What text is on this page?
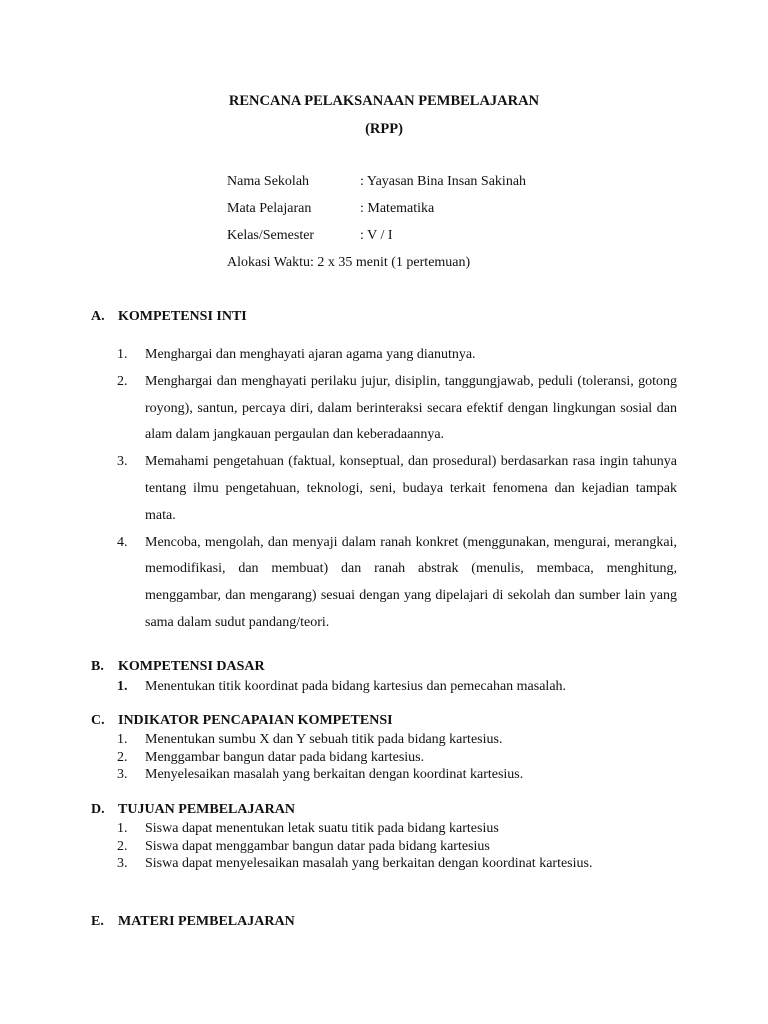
RENCANA PELAKSANAAN PEMBELAJARAN
(RPP)
Nama Sekolah	: Yayasan Bina Insan Sakinah
Mata Pelajaran	: Matematika
Kelas/Semester	: V / I
Alokasi Waktu: 2 x 35 menit (1 pertemuan)
A. KOMPETENSI INTI
1. Menghargai dan menghayati ajaran agama yang dianutnya.
2. Menghargai dan menghayati perilaku jujur, disiplin, tanggungjawab, peduli (toleransi, gotong royong), santun, percaya diri, dalam berinteraksi secara efektif dengan lingkungan sosial dan alam dalam jangkauan pergaulan dan keberadaannya.
3. Memahami pengetahuan (faktual, konseptual, dan prosedural) berdasarkan rasa ingin tahunya tentang ilmu pengetahuan, teknologi, seni, budaya terkait fenomena dan kejadian tampak mata.
4. Mencoba, mengolah, dan menyaji dalam ranah konkret (menggunakan, mengurai, merangkai, memodifikasi, dan membuat) dan ranah abstrak (menulis, membaca, menghitung, menggambar, dan mengarang) sesuai dengan yang dipelajari di sekolah dan sumber lain yang sama dalam sudut pandang/teori.
B. KOMPETENSI DASAR
1. Menentukan titik koordinat pada bidang kartesius dan pemecahan masalah.
C. INDIKATOR PENCAPAIAN KOMPETENSI
1. Menentukan sumbu X dan Y sebuah titik pada bidang kartesius.
2. Menggambar bangun datar pada bidang kartesius.
3. Menyelesaikan masalah yang berkaitan dengan koordinat kartesius.
D. TUJUAN PEMBELAJARAN
1. Siswa dapat menentukan letak suatu titik pada bidang kartesius
2. Siswa dapat menggambar bangun datar pada bidang kartesius
3. Siswa dapat menyelesaikan masalah yang berkaitan dengan koordinat kartesius.
E. MATERI PEMBELAJARAN
